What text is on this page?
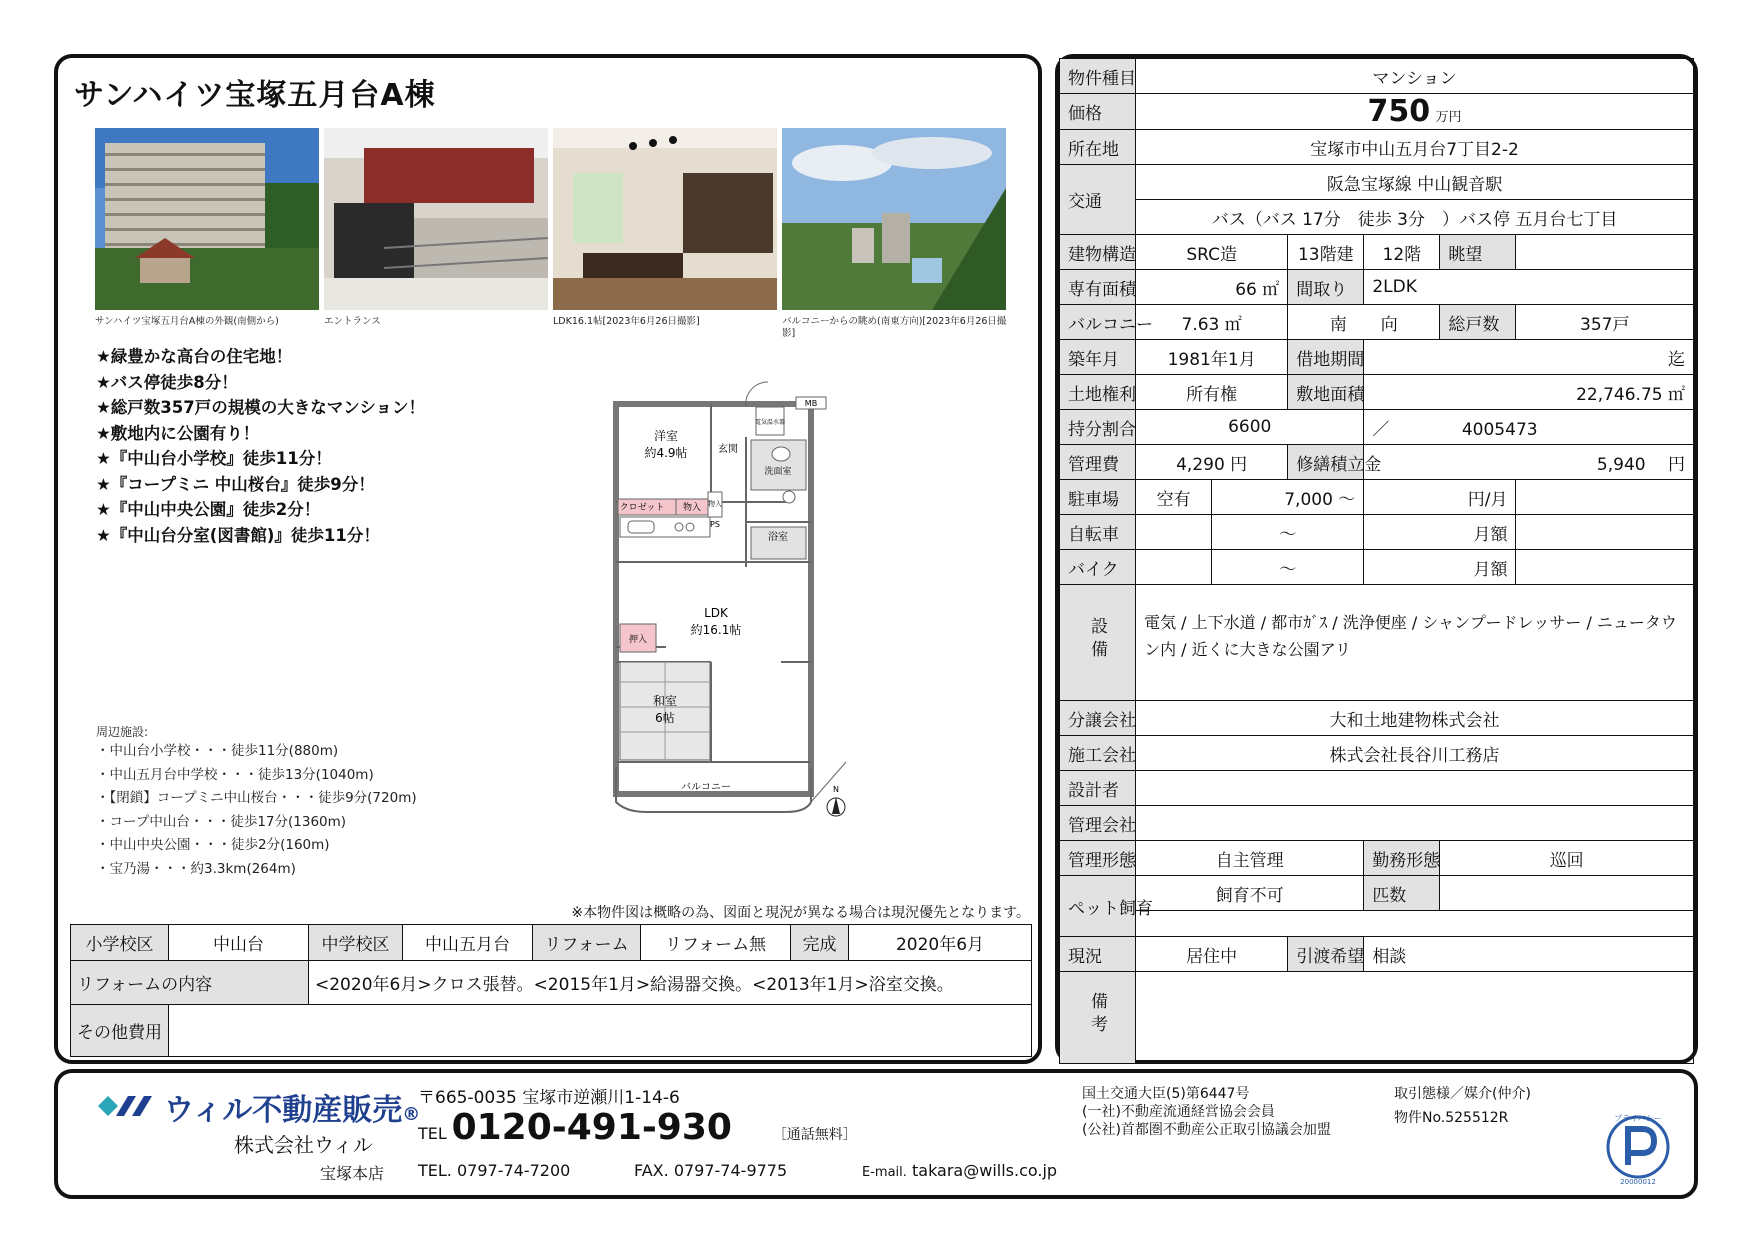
サンハイツ宝塚五月台A棟
サンハイツ宝塚五月台A棟の外観(南側から)	エントランス	LDK16.1帖[2023年6月26日撮影]	バルコニーからの眺め(南東方向)[2023年6月26日撮影]
★緑豊かな高台の住宅地！
★バス停徒歩8分！
★総戸数357戸の規模の大きなマンション！
★敷地内に公園有り！
★『中山台小学校』徒歩11分！
★『コープミニ 中山桜台』徒歩9分！
★『中山中央公園』徒歩2分！
★『中山台分室(図書館)』徒歩11分！
周辺施設:
・中山台小学校・・・徒歩11分(880m)
・中山五月台中学校・・・徒歩13分(1040m)
・【閉鎖】コープミニ中山桜台・・・徒歩9分(720m)
・コープ中山台・・・徒歩17分(1360m)
・中山中央公園・・・徒歩2分(160m)
・宝乃湯・・・約3.3km(264m)
洋室
約4.9帖	玄関
クロゼット 物入 物入
PS
洗面室
浴室
MB
電気温水器
LDK
約16.1帖
押入
和室
6帖
バルコニー	N
※本物件図は概略の為、図面と現況が異なる場合は現況優先となります。
小学校区	中山台	中学校区	中山五月台	リフォーム	リフォーム無	完成	2020年6月
リフォームの内容		<2020年6月>クロス張替。<2015年1月>給湯器交換。<2013年1月>浴室交換。					
その他費用							
物件種目	マンション					
価格	750 万円					
所在地	宝塚市中山五月台7丁目2-2					
交通	阪急宝塚線 中山観音駅					
	バス（バス 17分　徒歩 3分　）バス停 五月台七丁目					
建物構造	SRC造		13階建	12階	眺望	
専有面積	66 ㎡		間取り	2LDK		
バルコニー	7.63 ㎡		南　　向		総戸数	357戸
築年月	1981年1月		借地期間	迄		
土地権利	所有権		敷地面積	22,746.75 ㎡		
持分割合	6600			／ 4005473		
管理費	4,290 円		修繕積立金	5,940　 円		
駐車場	空有	7,000 ～		円/月		
自転車		～		月額		
バイク		～		月額		
設備	電気 / 上下水道 / 都市ｶﾞｽ / 洗浄便座 / シャンプードレッサー / ニュータウン内 / 近くに大きな公園アリ					
分譲会社	大和土地建物株式会社					
施工会社	株式会社長谷川工務店					
設計者						
管理会社						
管理形態	自主管理			勤務形態	巡回	
ペット飼育	飼育不可			匹数		

現況	居住中		引渡希望	相談		
備考						
ウィル不動産販売®
株式会社ウィル
宝塚本店
〒665-0035 宝塚市逆瀬川1-14-6
TEL 0120-491-930	［通話無料］
TEL. 0797-74-7200	FAX. 0797-74-9775	E-mail. takara@wills.co.jp
国土交通大臣(5)第6447号
(一社)不動産流通経営協会会員
(公社)首都圏不動産公正取引協議会加盟
取引態様／媒介(仲介)
物件No.525512R	プライバシー
20000012
